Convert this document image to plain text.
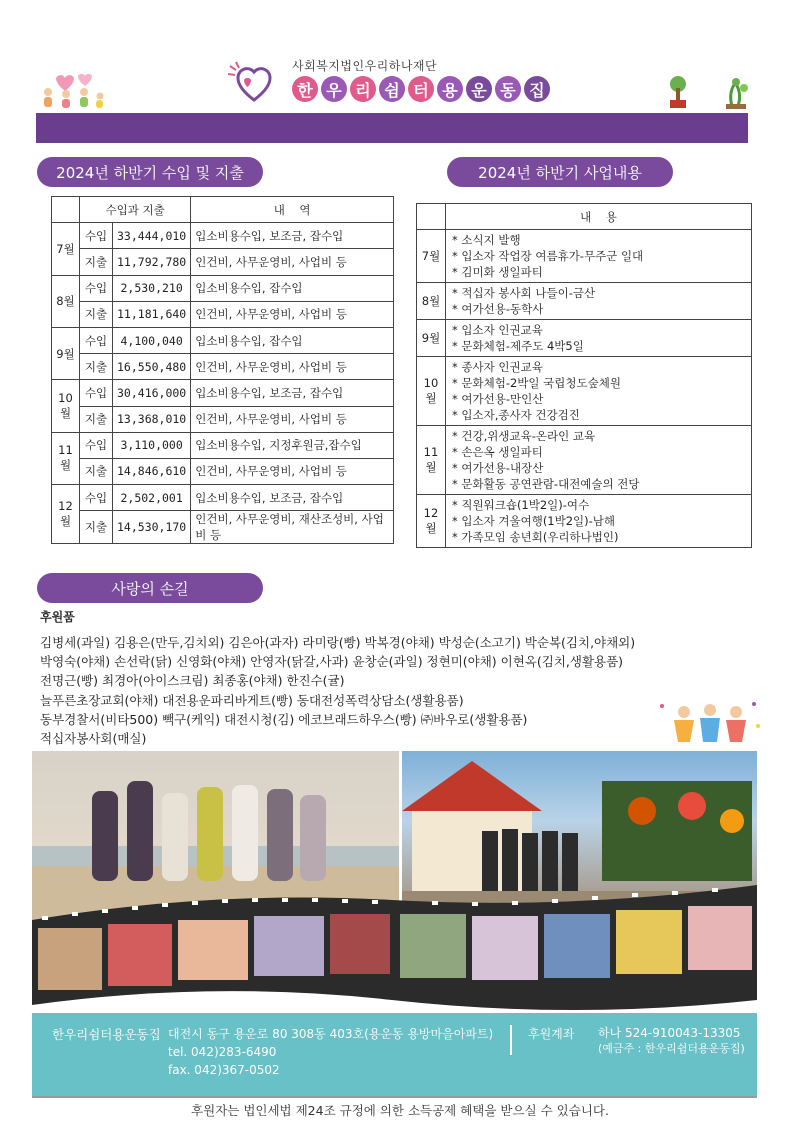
사회복지법인우리하나재단
한 우 리 쉼 터 용 운 동 집
2024년 하반기 수입 및 지출
	수입과 지출		내    역
7월	수입	33,444,010	입소비용수입, 보조금, 잡수입
	지출	11,792,780	인건비, 사무운영비, 사업비 등
8월	수입	2,530,210	입소비용수입, 잡수입
	지출	11,181,640	인건비, 사무운영비, 사업비 등
9월	수입	4,100,040	입소비용수입, 잡수입
	지출	16,550,480	인건비, 사무운영비, 사업비 등
10월	수입	30,416,000	입소비용수입, 보조금, 잡수입
	지출	13,368,010	인건비, 사무운영비, 사업비 등
11월	수입	3,110,000	입소비용수입, 지정후원금,잡수입
	지출	14,846,610	인건비, 사무운영비, 사업비 등
12월	수입	2,502,001	입소비용수입, 보조금, 잡수입
	지출	14,530,170	인건비, 사무운영비, 재산조성비, 사업비 등
2024년 하반기 사업내용
	내    용
7월	* 소식지 발행
* 입소자 작업장 여름휴가-무주군 일대
* 김미화 생일파티

8월	* 적십자 봉사회 나들이-금산
* 여가선용-동학사

9월	* 입소자 인권교육
* 문화체험-제주도 4박5일

10월	* 종사자 인권교육
* 문화체험-2박일 국립청도숲체원
* 여가선용-만인산
* 입소자,종사자 건강검진

11월	* 건강,위생교육-온라인 교육
* 손은옥 생일파티
* 여가선용-내장산
* 문화활동 공연관람-대전예술의 전당

12월	* 직원워크숍(1박2일)-여수
* 입소자 겨울여행(1박2일)-남해
* 가족모임 송년회(우리하나법인)
사랑의 손길
후원품
김병세(과일) 김용은(만두,김치외) 김은아(과자) 라미랑(빵) 박복경(야채) 박성순(소고기) 박순복(김치,야채외)
박영숙(야채) 손선락(닭) 신영화(야채) 안영자(닭갈,사과) 윤창순(과일) 정현미(야채) 이현옥(김치,생활용품)
전명근(빵) 최경아(아이스크림) 최종홍(야채) 한진수(귤)
늘푸른초장교회(야채) 대전용운파리바게트(빵) 동대전성폭력상담소(생활용품)
동부경찰서(비타500) 빽구(케익) 대전시청(김) 에코브래드하우스(빵) ㈜바우로(생활용품)
적십자봉사회(매실)
한우리쉼터용운동집 대전시 동구 용운로 80 308동 403호(용운동 용방마을아파트)
tel. 042)283-6490
fax. 042)367-0502
후원계좌 하나 524-910043-13305
(예금주 : 한우리쉼터용운동집)
후원자는 법인세법 제24조 규정에 의한 소득공제 혜택을 받으실 수 있습니다.
